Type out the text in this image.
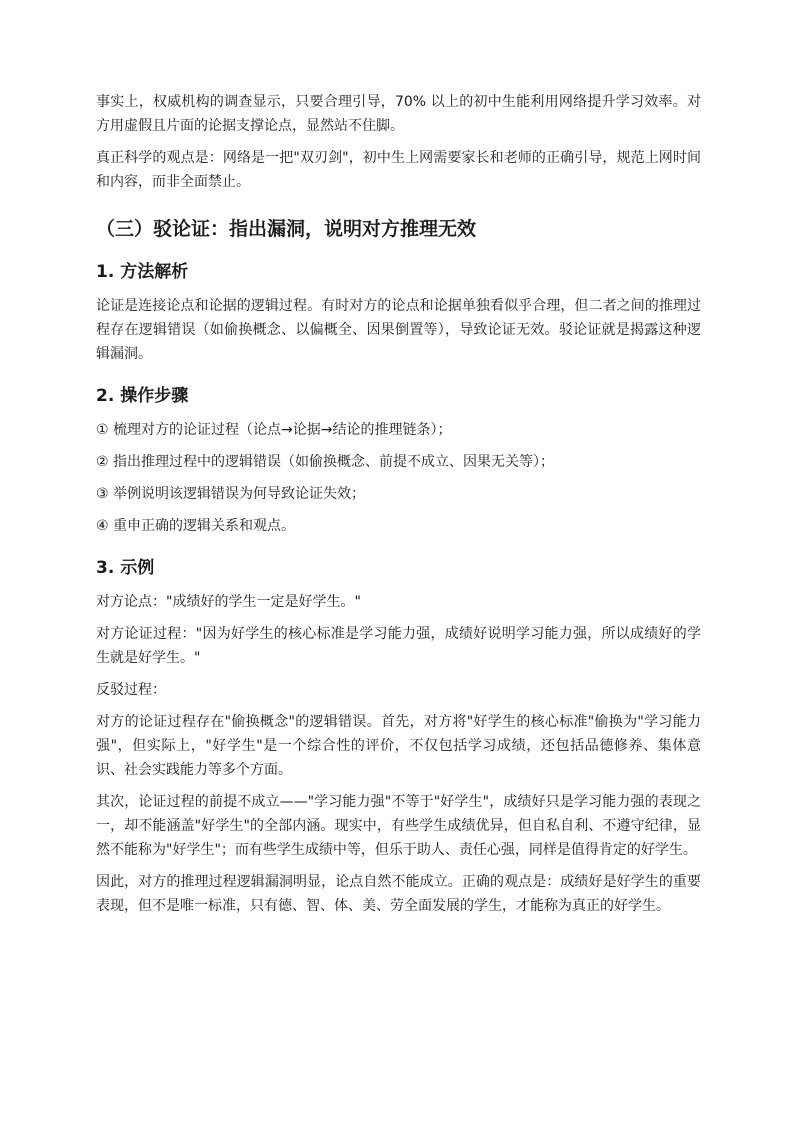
事实上，权威机构的调查显示，只要合理引导，70% 以上的初中生能利用网络提升学习效率。对方用虚假且片面的论据支撑论点，显然站不住脚。

真正科学的观点是：网络是一把"双刃剑"，初中生上网需要家长和老师的正确引导，规范上网时间和内容，而非全面禁止。

（三）驳论证：指出漏洞，说明对方推理无效
1. 方法解析

论证是连接论点和论据的逻辑过程。有时对方的论点和论据单独看似乎合理，但二者之间的推理过程存在逻辑错误（如偷换概念、以偏概全、因果倒置等），导致论证无效。驳论证就是揭露这种逻辑漏洞。

2. 操作步骤

① 梳理对方的论证过程（论点→论据→结论的推理链条）；

② 指出推理过程中的逻辑错误（如偷换概念、前提不成立、因果无关等）；

③ 举例说明该逻辑错误为何导致论证失效；

④ 重申正确的逻辑关系和观点。

3. 示例

对方论点："成绩好的学生一定是好学生。"

对方论证过程："因为好学生的核心标准是学习能力强，成绩好说明学习能力强，所以成绩好的学生就是好学生。"

反驳过程：

对方的论证过程存在"偷换概念"的逻辑错误。首先，对方将"好学生的核心标准"偷换为"学习能力强"，但实际上，"好学生"是一个综合性的评价，不仅包括学习成绩，还包括品德修养、集体意识、社会实践能力等多个方面。

其次，论证过程的前提不成立——"学习能力强"不等于"好学生"，成绩好只是学习能力强的表现之一，却不能涵盖"好学生"的全部内涵。现实中，有些学生成绩优异，但自私自利、不遵守纪律，显然不能称为"好学生"；而有些学生成绩中等，但乐于助人、责任心强，同样是值得肯定的好学生。

因此，对方的推理过程逻辑漏洞明显，论点自然不能成立。正确的观点是：成绩好是好学生的重要表现，但不是唯一标准，只有德、智、体、美、劳全面发展的学生，才能称为真正的好学生。
